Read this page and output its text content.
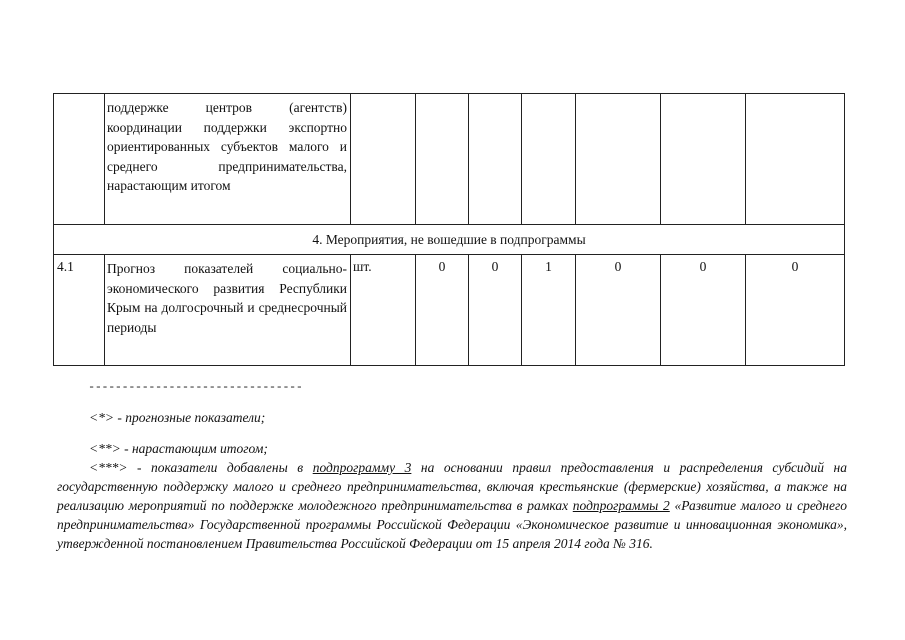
	поддержке центров (агентств) координации поддержки экспортно ориентированных субъектов малого и среднего предпринимательства, нарастающим итогом							
4. Мероприятия, не вошедшие в подпрограммы								
4.1	Прогноз показателей социально-экономического развития Республики Крым на долгосрочный и среднесрочный периоды	шт.	0	0	1	0	0	0
--------------------------------

<*> - прогнозные показатели;

<**> - нарастающим итогом;

<***> - показатели добавлены в подпрограмму 3 на основании правил предоставления и распределения субсидий на государственную поддержку малого и среднего предпринимательства, включая крестьянские (фермерские) хозяйства, а также на реализацию мероприятий по поддержке молодежного предпринимательства в рамках подпрограммы 2 «Развитие малого и среднего предпринимательства» Государственной программы Российской Федерации «Экономическое развитие и инновационная экономика», утвержденной постановлением Правительства Российской Федерации от 15 апреля 2014 года № 316.
